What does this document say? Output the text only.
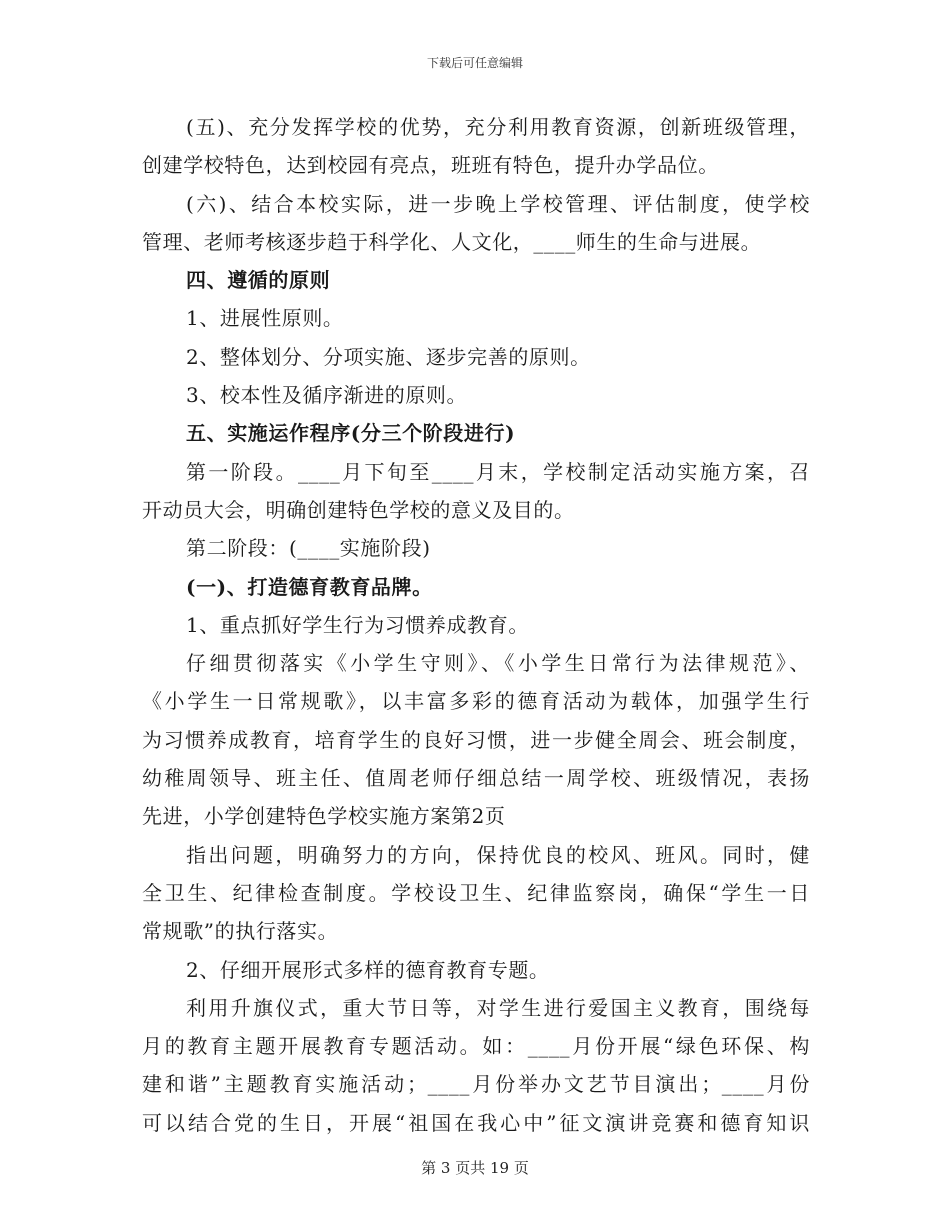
下载后可任意编辑
(五)、充分发挥学校的优势，充分利用教育资源，创新班级管理，
创建学校特色，达到校园有亮点，班班有特色，提升办学品位。
(六)、结合本校实际，进一步晚上学校管理、评估制度，使学校
管理、老师考核逐步趋于科学化、人文化，____师生的生命与进展。
四、遵循的原则
1、进展性原则。
2、整体划分、分项实施、逐步完善的原则。
3、校本性及循序渐进的原则。
五、实施运作程序(分三个阶段进行)
第一阶段。____月下旬至____月末，学校制定活动实施方案，召
开动员大会，明确创建特色学校的意义及目的。
第二阶段：(____实施阶段)
(一)、打造德育教育品牌。
1、重点抓好学生行为习惯养成教育。
仔细贯彻落实《小学生守则》、《小学生日常行为法律规范》、
《小学生一日常规歌》，以丰富多彩的德育活动为载体，加强学生行
为习惯养成教育，培育学生的良好习惯，进一步健全周会、班会制度，
幼稚周领导、班主任、值周老师仔细总结一周学校、班级情况，表扬
先进，小学创建特色学校实施方案第2页
指出问题，明确努力的方向，保持优良的校风、班风。同时，健
全卫生、纪律检查制度。学校设卫生、纪律监察岗，确保“学生一日
常规歌”的执行落实。
2、仔细开展形式多样的德育教育专题。
利用升旗仪式，重大节日等，对学生进行爱国主义教育，围绕每
月的教育主题开展教育专题活动。如：____月份开展“绿色环保、构
建和谐”主题教育实施活动；____月份举办文艺节目演出；____月份
可以结合党的生日，开展“祖国在我心中”征文演讲竞赛和德育知识
第 3 页共 19 页
